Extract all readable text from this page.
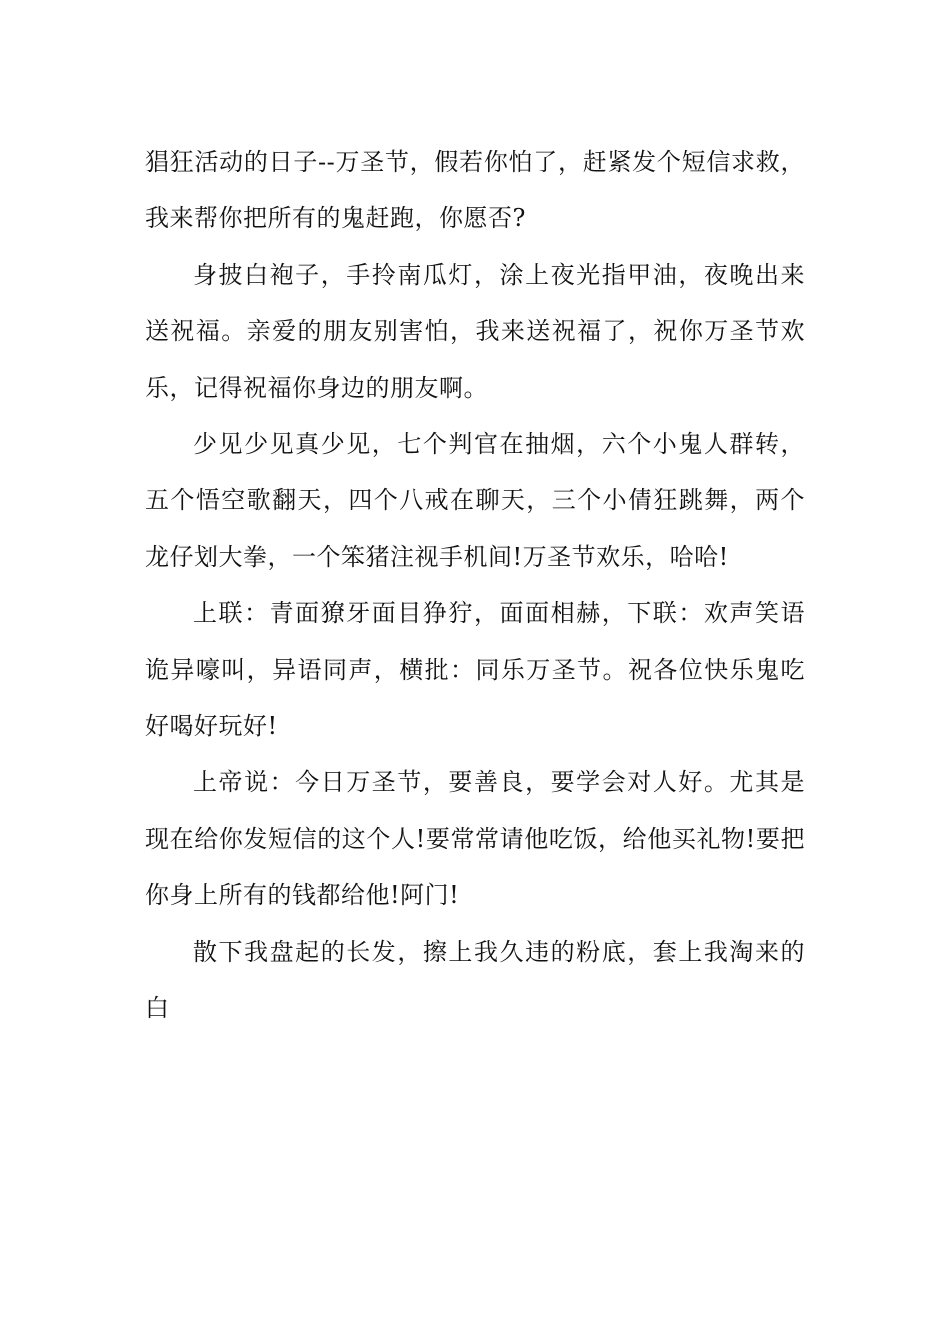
猖狂活动的日子--万圣节，假若你怕了，赶紧发个短信求救，我来帮你把所有的鬼赶跑，你愿否?

身披白袍子，手拎南瓜灯，涂上夜光指甲油，夜晚出来送祝福。亲爱的朋友别害怕，我来送祝福了，祝你万圣节欢乐，记得祝福你身边的朋友啊。

少见少见真少见，七个判官在抽烟，六个小鬼人群转，五个悟空歌翻天，四个八戒在聊天，三个小倩狂跳舞，两个龙仔划大拳，一个笨猪注视手机间!万圣节欢乐，哈哈!

上联：青面獠牙面目狰狞，面面相赫，下联：欢声笑语诡异嚎叫，异语同声，横批：同乐万圣节。祝各位快乐鬼吃好喝好玩好!

上帝说：今日万圣节，要善良，要学会对人好。尤其是现在给你发短信的这个人!要常常请他吃饭，给他买礼物!要把你身上所有的钱都给他!阿门!

散下我盘起的长发，擦上我久违的粉底，套上我淘来的白
